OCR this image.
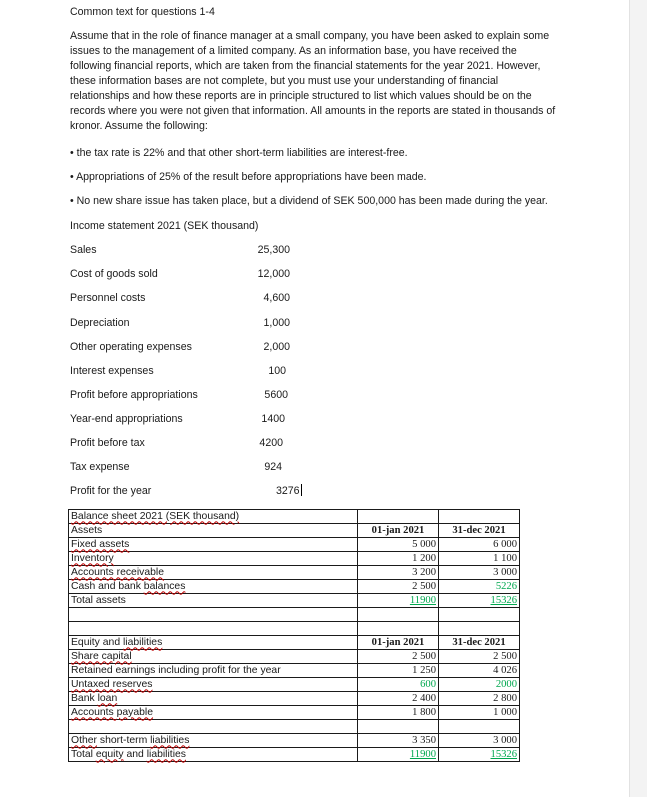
Common text for questions 1-4
Assume that in the role of finance manager at a small company, you have been asked to explain some issues to the management of a limited company. As an information base, you have received the following financial reports, which are taken from the financial statements for the year 2021. However, these information bases are not complete, but you must use your understanding of financial relationships and how these reports are in principle structured to list which values should be on the records where you were not given that information. All amounts in the reports are stated in thousands of kronor. Assume the following:
• the tax rate is 22% and that other short-term liabilities are interest-free.
• Appropriations of 25% of the result before appropriations have been made.
• No new share issue has taken place, but a dividend of SEK 500,000 has been made during the year.
Income statement 2021 (SEK thousand)
Sales	25,300
Cost of goods sold	12,000
Personnel costs	4,600
Depreciation	1,000
Other operating expenses	2,000
Interest expenses	100
Profit before appropriations	5600
Year-end appropriations	1400
Profit before tax	4200
Tax expense	924
Profit for the year	3276
Balance sheet 2021 (SEK thousand)		
Assets	01-jan 2021	31-dec 2021
Fixed assets	5 000	6 000
Inventory	1 200	1 100
Accounts receivable	3 200	3 000
Cash and bank balances	2 500	5226
Total assets	11900	15326

Equity and liabilities	01-jan 2021	31-dec 2021
Share capital	2 500	2 500
Retained earnings including profit for the year	1 250	4 026
Untaxed reserves	600	2000
Bank loan	2 400	2 800
Accounts payable	1 800	1 000

Other short-term liabilities	3 350	3 000
Total equity and liabilities	11900	15326
